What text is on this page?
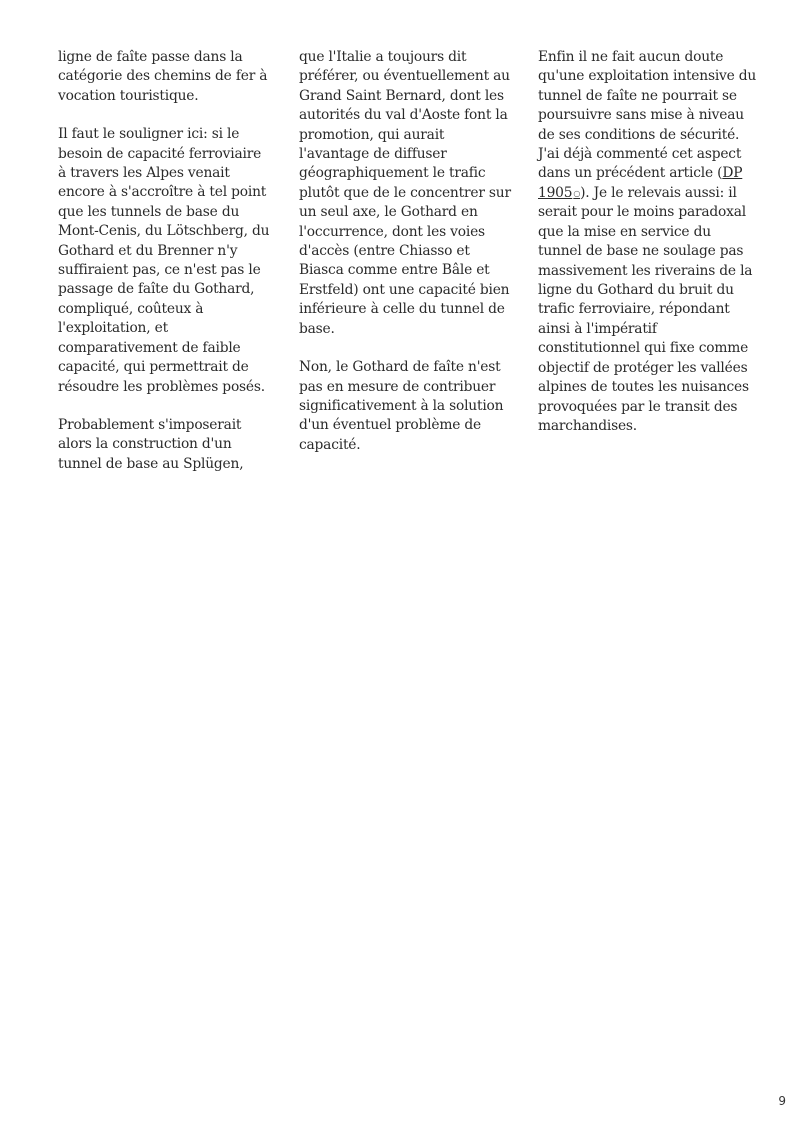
ligne de faîte passe dans la catégorie des chemins de fer à vocation touristique.

Il faut le souligner ici: si le besoin de capacité ferroviaire à travers les Alpes venait encore à s'accroître à tel point que les tunnels de base du Mont-Cenis, du Lötschberg, du Gothard et du Brenner n'y suffiraient pas, ce n'est pas le passage de faîte du Gothard, compliqué, coûteux à l'exploitation, et comparativement de faible capacité, qui permettrait de résoudre les problèmes posés.

Probablement s'imposerait alors la construction d'un tunnel de base au Splügen,

que l'Italie a toujours dit préférer, ou éventuellement au Grand Saint Bernard, dont les autorités du val d'Aoste font la promotion, qui aurait l'avantage de diffuser géographiquement le trafic plutôt que de le concentrer sur un seul axe, le Gothard en l'occurrence, dont les voies d'accès (entre Chiasso et Biasca comme entre Bâle et Erstfeld) ont une capacité bien inférieure à celle du tunnel de base.

Non, le Gothard de faîte n'est pas en mesure de contribuer significativement à la solution d'un éventuel problème de capacité.

Enfin il ne fait aucun doute qu'une exploitation intensive du tunnel de faîte ne pourrait se poursuivre sans mise à niveau de ses conditions de sécurité. J'ai déjà commenté cet aspect dans un précédent article (DP 1905○). Je le relevais aussi: il serait pour le moins paradoxal que la mise en service du tunnel de base ne soulage pas massivement les riverains de la ligne du Gothard du bruit du trafic ferroviaire, répondant ainsi à l'impératif constitutionnel qui fixe comme objectif de protéger les vallées alpines de toutes les nuisances provoquées par le transit des marchandises.

9
